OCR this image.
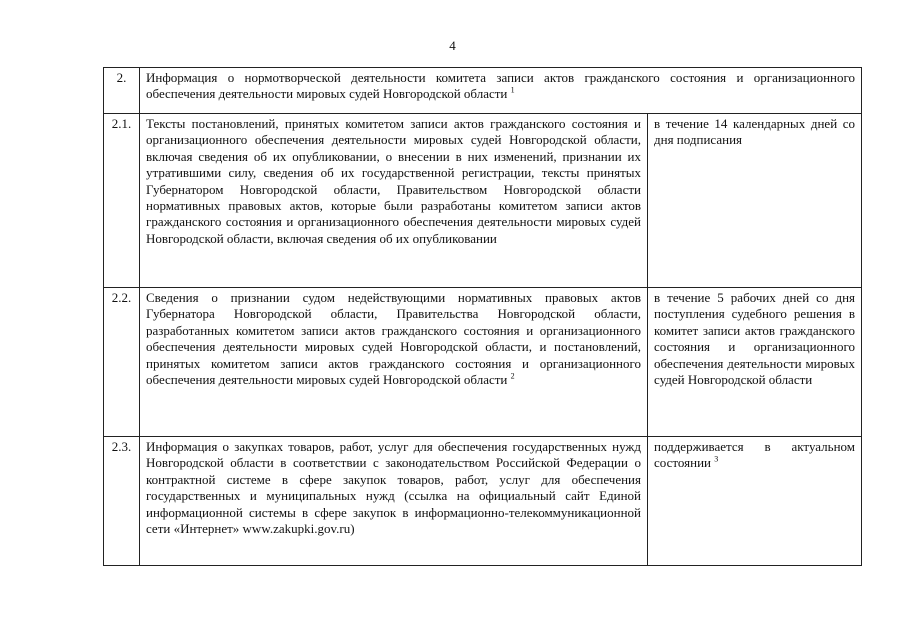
4
2.	Информация о нормотворческой деятельности комитета записи актов гражданского состояния и организационного обеспечения деятельности мировых судей Новгородской области $^1$
2.1.	Тексты постановлений, принятых комитетом записи актов гражданского состояния и организационного обеспечения деятельности мировых судей Новгородской области, включая сведения об их опубликовании, о внесении в них изменений, признании их утратившими силу, сведения об их государственной регистрации, тексты принятых Губернатором Новгородской области, Правительством Новгородской области нормативных правовых актов, которые были разработаны комитетом записи актов гражданского состояния и организационного обеспечения деятельности мировых судей Новгородской области, включая сведения об их опубликовании	в течение 14 календарных дней со дня подписания
2.2.	Сведения о признании судом недействующими нормативных правовых актов Губернатора Новгородской области, Правительства Новгородской области, разработанных комитетом записи актов гражданского состояния и организационного обеспечения деятельности мировых судей Новгородской области, и постановлений, принятых комитетом записи актов гражданского состояния и организационного обеспечения деятельности мировых судей Новгородской области $^2$	в течение 5 рабочих дней со дня поступления судебного решения в комитет записи актов гражданского состояния и организационного обеспечения деятельности мировых судей Новгородской области
2.3.	Информация о закупках товаров, работ, услуг для обеспечения государственных нужд Новгородской области в соответствии с законодательством Российской Федерации о контрактной системе в сфере закупок товаров, работ, услуг для обеспечения государственных и муниципальных нужд (ссылка на официальный сайт Единой информационной системы в сфере закупок в информационно-телекоммуникационной сети «Интернет» www.zakupki.gov.ru)	поддерживается в актуальном состоянии $^3$
